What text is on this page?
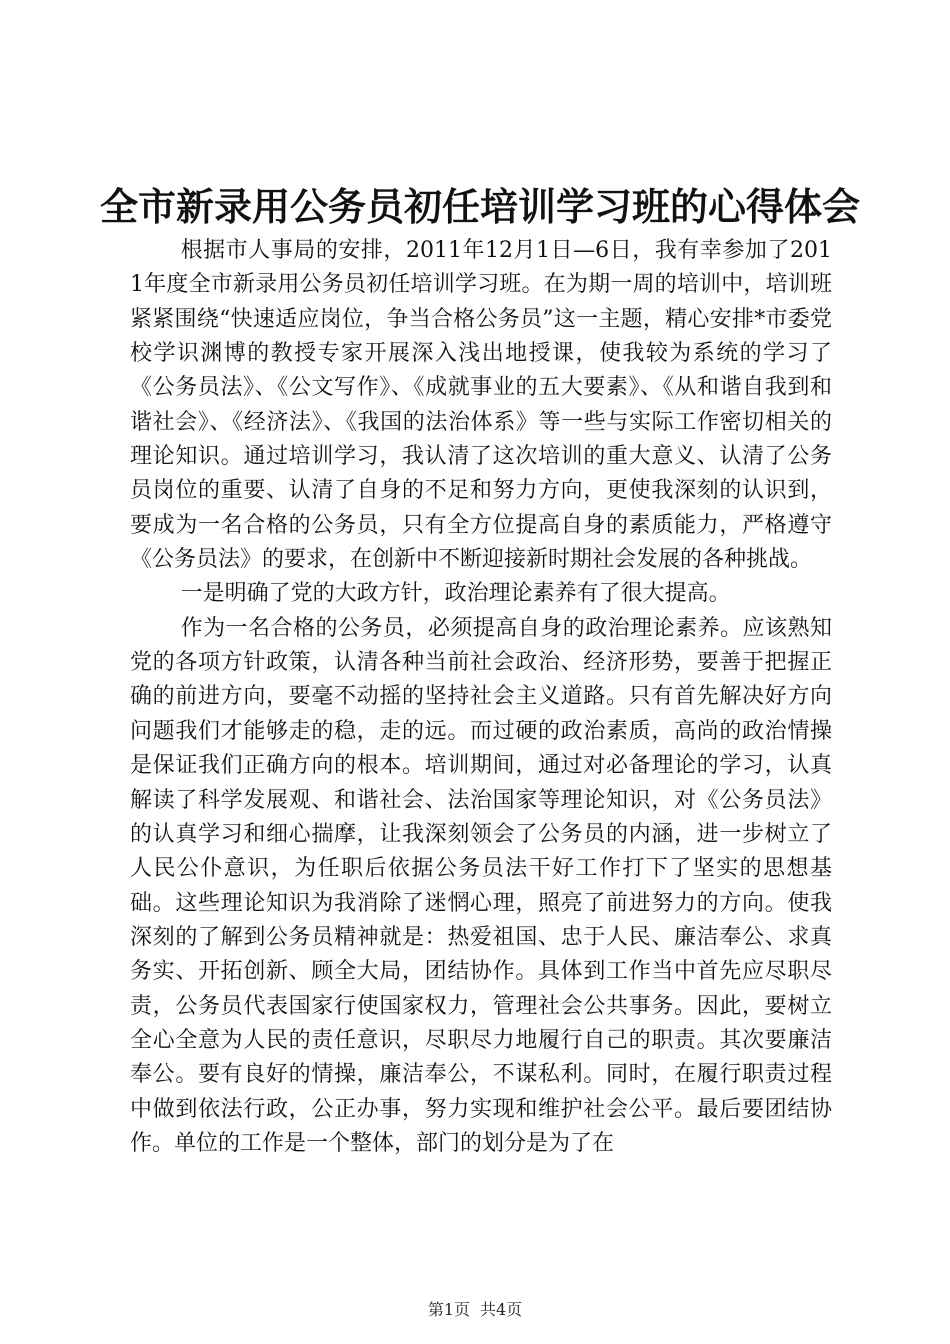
全市新录用公务员初任培训学习班的心得体会

根据市人事局的安排，2011年12月1日—6日，我有幸参加了2011年度全市新录用公务员初任培训学习班。在为期一周的培训中，培训班紧紧围绕“快速适应岗位，争当合格公务员”这一主题，精心安排*市委党校学识渊博的教授专家开展深入浅出地授课，使我较为系统的学习了《公务员法》、《公文写作》、《成就事业的五大要素》、《从和谐自我到和谐社会》、《经济法》、《我国的法治体系》等一些与实际工作密切相关的理论知识。通过培训学习，我认清了这次培训的重大意义、认清了公务员岗位的重要、认清了自身的不足和努力方向，更使我深刻的认识到，要成为一名合格的公务员，只有全方位提高自身的素质能力，严格遵守《公务员法》的要求，在创新中不断迎接新时期社会发展的各种挑战。

一是明确了党的大政方针，政治理论素养有了很大提高。

作为一名合格的公务员，必须提高自身的政治理论素养。应该熟知党的各项方针政策，认清各种当前社会政治、经济形势，要善于把握正确的前进方向，要毫不动摇的坚持社会主义道路。只有首先解决好方向问题我们才能够走的稳，走的远。而过硬的政治素质，高尚的政治情操是保证我们正确方向的根本。培训期间，通过对必备理论的学习，认真解读了科学发展观、和谐社会、法治国家等理论知识，对《公务员法》的认真学习和细心揣摩，让我深刻领会了公务员的内涵，进一步树立了人民公仆意识，为任职后依据公务员法干好工作打下了坚实的思想基础。这些理论知识为我消除了迷惘心理，照亮了前进努力的方向。使我深刻的了解到公务员精神就是：热爱祖国、忠于人民、廉洁奉公、求真务实、开拓创新、顾全大局，团结协作。具体到工作当中首先应尽职尽责，公务员代表国家行使国家权力，管理社会公共事务。因此，要树立全心全意为人民的责任意识，尽职尽力地履行自己的职责。其次要廉洁奉公。要有良好的情操，廉洁奉公，不谋私利。同时，在履行职责过程中做到依法行政，公正办事，努力实现和维护社会公平。最后要团结协作。单位的工作是一个整体，部门的划分是为了在

第1页 共4页
